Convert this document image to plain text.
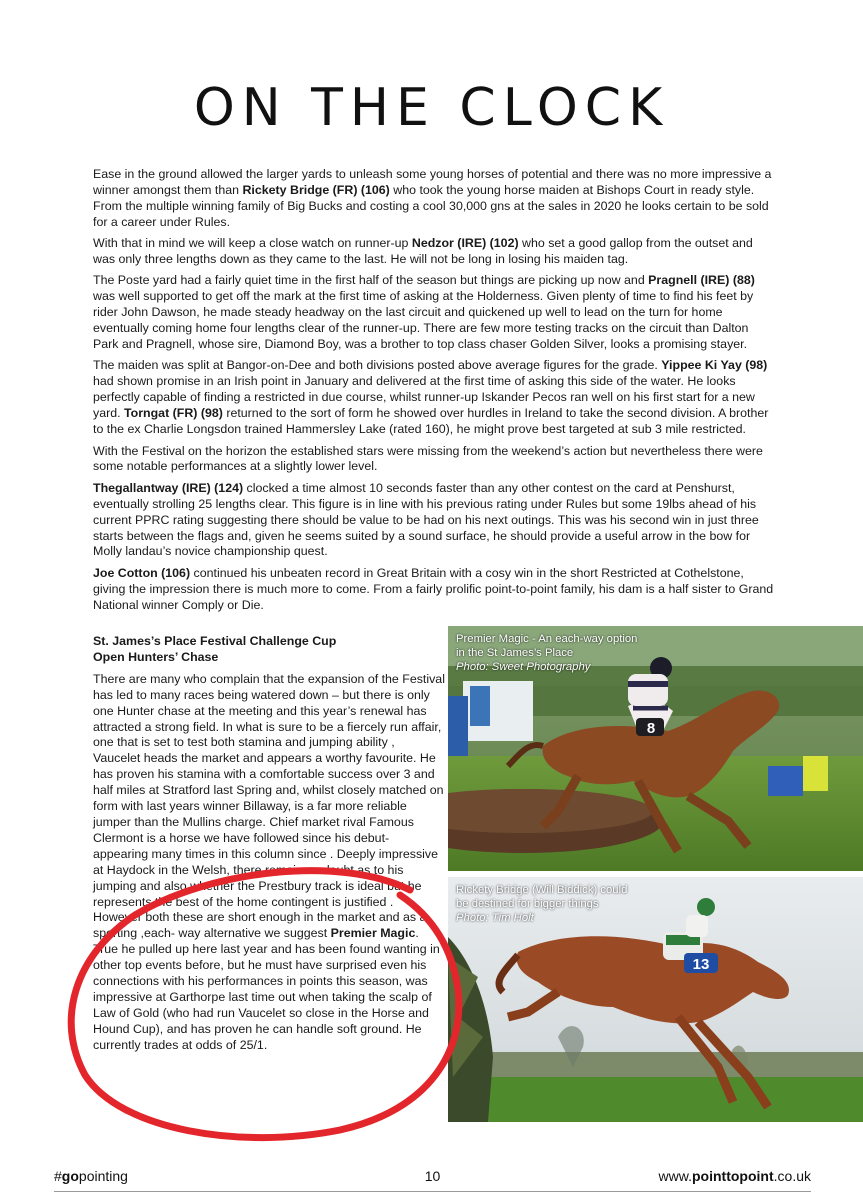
ON THE CLOCK

Ease in the ground allowed the larger yards to unleash some young horses of potential and there was no more impressive a winner amongst them than Rickety Bridge (FR) (106) who took the young horse maiden at Bishops Court in ready style. From the multiple winning family of Big Bucks and costing a cool 30,000 gns at the sales in 2020 he looks certain to be sold for a career under Rules.

With that in mind we will keep a close watch on runner-up Nedzor (IRE) (102) who set a good gallop from the outset and was only three lengths down as they came to the last. He will not be long in losing his maiden tag.

The Poste yard had a fairly quiet time in the first half of the season but things are picking up now and Pragnell (IRE) (88) was well supported to get off the mark at the first time of asking at the Holderness. Given plenty of time to find his feet by rider John Dawson, he made steady headway on the last circuit and quickened up well to lead on the turn for home eventually coming home four lengths clear of the runner-up. There are few more testing tracks on the circuit than Dalton Park and Pragnell, whose sire, Diamond Boy, was a brother to top class chaser Golden Silver, looks a promising stayer.

The maiden was split at Bangor-on-Dee and both divisions posted above average figures for the grade. Yippee Ki Yay (98) had shown promise in an Irish point in January and delivered at the first time of asking this side of the water. He looks perfectly capable of finding a restricted in due course, whilst runner-up Iskander Pecos ran well on his first start for a new yard. Torngat (FR) (98) returned to the sort of form he showed over hurdles in Ireland to take the second division. A brother to the ex Charlie Longsdon trained Hammersley Lake (rated 160), he might prove best targeted at sub 3 mile restricted.

With the Festival on the horizon the established stars were missing from the weekend’s action but nevertheless there were some notable performances at a slightly lower level.

Thegallantway (IRE) (124) clocked a time almost 10 seconds faster than any other contest on the card at Penshurst, eventually strolling 25 lengths clear. This figure is in line with his previous rating under Rules but some 19lbs ahead of his current PPRC rating suggesting there should be value to be had on his next outings. This was his second win in just three starts between the flags and, given he seems suited by a sound surface, he should provide a useful arrow in the bow for Molly landau’s novice championship quest.

Joe Cotton (106) continued his unbeaten record in Great Britain with a cosy win in the short Restricted at Cothelstone, giving the impression there is much more to come. From a fairly prolific point-to-point family, his dam is a half sister to Grand National winner Comply or Die.

St. James’s Place Festival Challenge Cup
Open Hunters’ Chase

There are many who complain that the expansion of the Festival has led to many races being watered down – but there is only one Hunter chase at the meeting and this year’s renewal has attracted a strong field. In what is sure to be a fiercely run affair, one that is set to test both stamina and jumping ability , Vaucelet heads the market and appears a worthy favourite. He has proven his stamina with a comfortable success over 3 and half miles at Stratford last Spring and, whilst closely matched on form with last years winner Billaway, is a far more reliable jumper than the Mullins charge. Chief market rival Famous Clermont is a horse we have followed since his debut- appearing many times in this column since . Deeply impressive at Haydock in the Welsh, there remains a doubt as to his jumping and also whether the Prestbury track is ideal but he represents the best of the home contingent is justified . However both these are short enough in the market and as a sporting ,each- way alternative we suggest Premier Magic. True he pulled up here last year and has been found wanting in other top events before, but he must have surprised even his connections with his performances in points this season, was impressive at Garthorpe last time out when taking the scalp of Law of Gold (who had run Vaucelet so close in the Horse and Hound Cup), and has proven he can handle soft ground. He currently trades at odds of 25/1.

8
Premier Magic - An each-way option
in the St James’s Place
Photo: Sweet Photography
13
Rickety Bridge (Will Biddick) could
be destined for bigger things
Photo: Tim Holt
#gopointing	10	www.pointtopoint.co.uk
